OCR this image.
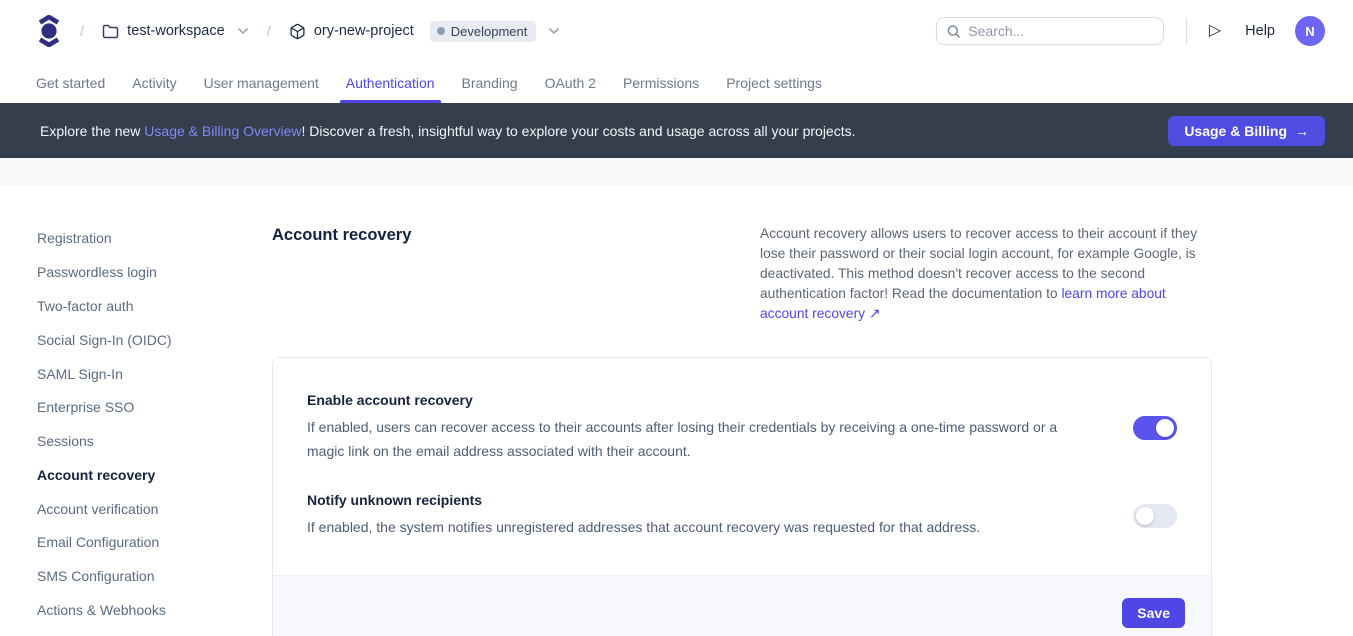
/	test-workspace	/	ory-new-project	Development
Search...	▷ Help N
Get started Activity User management Authentication Branding OAuth 2 Permissions Project settings
Explore the new Usage & Billing Overview! Discover a fresh, insightful way to explore your costs and usage across all your projects.	Usage & Billing →
Registration
Passwordless login
Two-factor auth
Social Sign-In (OIDC)
SAML Sign-In
Enterprise SSO
Sessions
Account recovery
Account verification
Email Configuration
SMS Configuration
Actions & Webhooks
Account recovery	Account recovery allows users to recover access to their account if they lose their password or their social login account, for example Google, is deactivated. This method doesn't recover access to the second authentication factor! Read the documentation to learn more about account recovery ↗
Enable account recovery
If enabled, users can recover access to their accounts after losing their credentials by receiving a one-time password or a magic link on the email address associated with their account.
Notify unknown recipients
If enabled, the system notifies unregistered addresses that account recovery was requested for that address.
Save
